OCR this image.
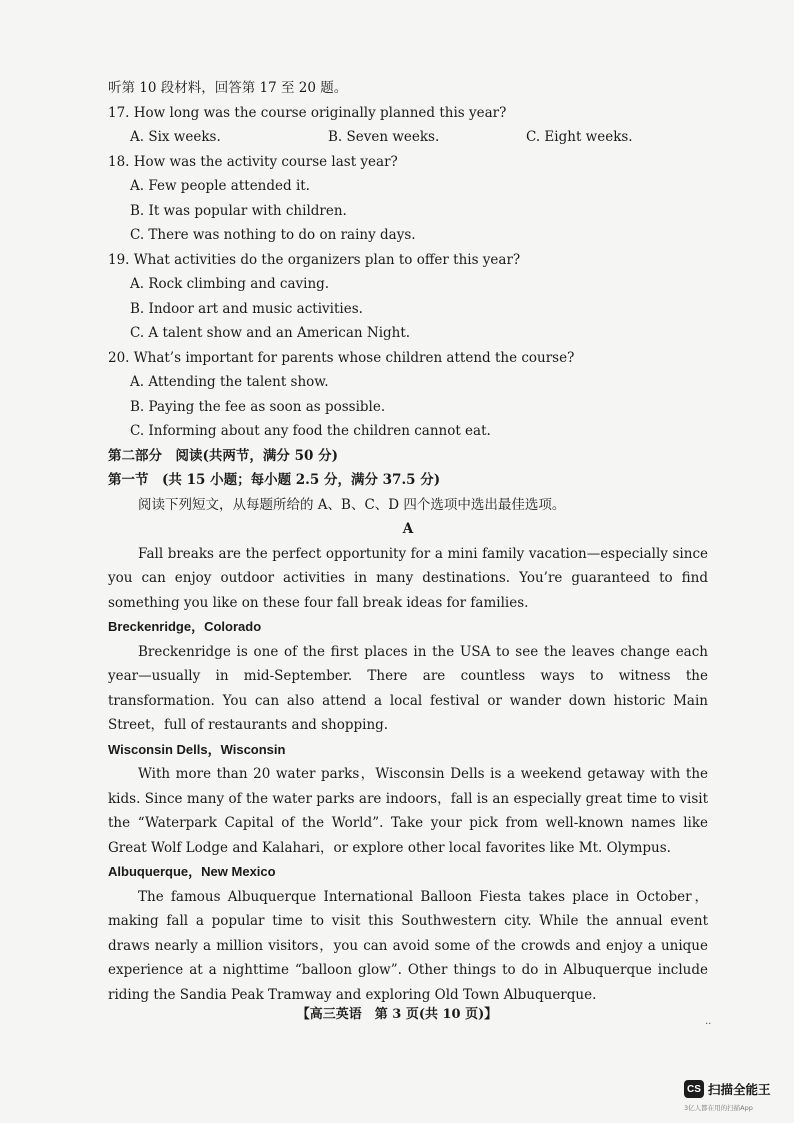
听第 10 段材料，回答第 17 至 20 题。
17. How long was the course originally planned this year?
A. Six weeks.	B. Seven weeks.	C. Eight weeks.
18. How was the activity course last year?
A. Few people attended it.
B. It was popular with children.
C. There was nothing to do on rainy days.
19. What activities do the organizers plan to offer this year?
A. Rock climbing and caving.
B. Indoor art and music activities.
C. A talent show and an American Night.
20. What’s important for parents whose children attend the course?
A. Attending the talent show.
B. Paying the fee as soon as possible.
C. Informing about any food the children cannot eat.
第二部分　阅读(共两节，满分 50 分)
第一节　(共 15 小题；每小题 2.5 分，满分 37.5 分)
阅读下列短文，从每题所给的 A、B、C、D 四个选项中选出最佳选项。
A

Fall breaks are the perfect opportunity for a mini family vacation—especially since you can enjoy outdoor activities in many destinations. You’re guaranteed to find something you like on these four fall break ideas for families.

Breckenridge，Colorado

Breckenridge is one of the first places in the USA to see the leaves change each year—usually in mid-September. There are countless ways to witness the transformation. You can also attend a local festival or wander down historic Main Street，full of restaurants and shopping.

Wisconsin Dells，Wisconsin

With more than 20 water parks，Wisconsin Dells is a weekend getaway with the kids. Since many of the water parks are indoors，fall is an especially great time to visit the “Waterpark Capital of the World”. Take your pick from well-known names like Great Wolf Lodge and Kalahari，or explore other local favorites like Mt. Olympus.

Albuquerque，New Mexico

The famous Albuquerque International Balloon Fiesta takes place in October，making fall a popular time to visit this Southwestern city. While the annual event draws nearly a million visitors，you can avoid some of the crowds and enjoy a unique experience at a nighttime “balloon glow”. Other things to do in Albuquerque include riding the Sandia Peak Tramway and exploring Old Town Albuquerque.

【高三英语　第 3 页(共 10 页)】	..
CS 扫描全能王
3亿人都在用的扫描App
